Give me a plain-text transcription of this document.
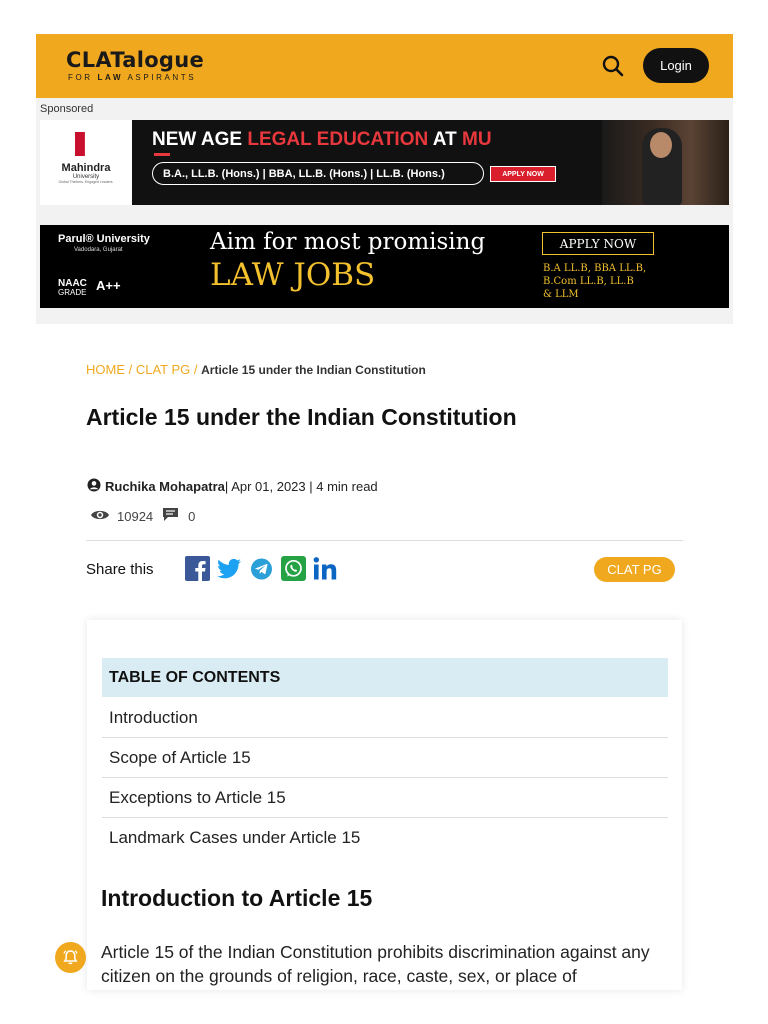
CLATalogue
FOR LAW ASPIRANTS
Login
Sponsored
Mahindra
University
Global Thinkers. Engaged Leaders.
NEW AGE LEGAL EDUCATION AT MU
B.A., LL.B. (Hons.) | BBA, LL.B. (Hons.) | LL.B. (Hons.)	APPLY NOW
Parul® University
Vadodara, Gujarat
NAAC
GRADE A++
Aim for most promising
LAW JOBS
APPLY NOW
B.A LL.B, BBA LL.B,
B.Com LL.B, LL.B
& LLM
HOME / CLAT PG / Article 15 under the Indian Constitution
Article 15 under the Indian Constitution
Ruchika Mohapatra | Apr 01, 2023 | 4 min read
10924	0
Share this	CLAT PG
TABLE OF CONTENTS
Introduction
Scope of Article 15
Exceptions to Article 15
Landmark Cases under Article 15
Introduction to Article 15

Article 15 of the Indian Constitution prohibits discrimination against any citizen on the grounds of religion, race, caste, sex, or place of
